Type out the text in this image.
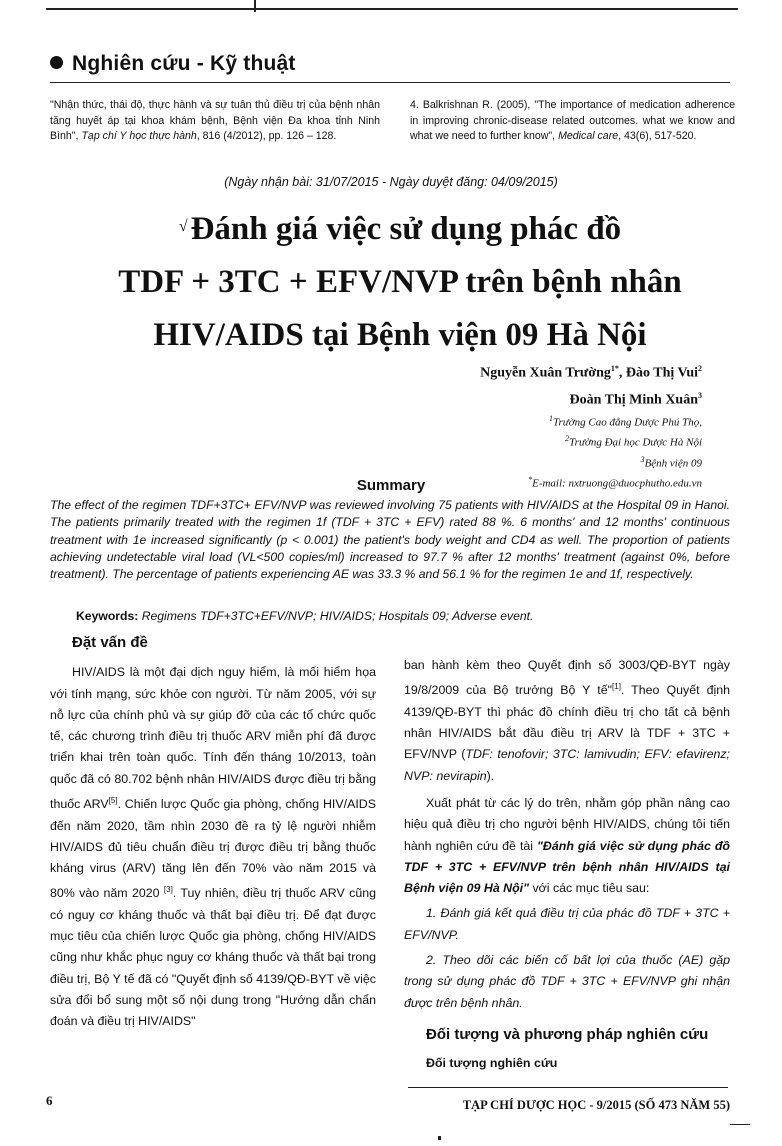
Nghiên cứu - Kỹ thuật
"Nhận thức, thái độ, thực hành và sự tuân thủ điều trị của bệnh nhân tăng huyết áp tại khoa khám bệnh, Bệnh viện Đa khoa tỉnh Ninh Bình", Tạp chí Y học thực hành, 816 (4/2012), pp. 126 – 128.
4. Balkrishnan R. (2005), "The importance of medication adherence in improving chronic-disease related outcomes. what we know and what we need to further know", Medical care, 43(6), 517-520.
(Ngày nhận bài: 31/07/2015 - Ngày duyệt đăng: 04/09/2015)
√Đánh giá việc sử dụng phác đồ
TDF + 3TC + EFV/NVP trên bệnh nhân
HIV/AIDS tại Bệnh viện 09 Hà Nội
Nguyễn Xuân Trường$^{1*}$, Đào Thị Vui$^2$
Đoàn Thị Minh Xuân$^3$
$^1$Trường Cao đẳng Dược Phú Thọ,
$^2$Trường Đại học Dược Hà Nội
$^3$Bệnh viện 09
*E-mail: nxtruong@duocphutho.edu.vn
Summary
The effect of the regimen TDF+3TC+ EFV/NVP was reviewed involving 75 patients with HIV/AIDS at the Hospital 09 in Hanoi. The patients primarily treated with the regimen 1f (TDF + 3TC + EFV) rated 88 %. 6 months' and 12 months' continuous treatment with 1e increased significantly (p < 0.001) the patient's body weight and CD4 as well. The proportion of patients achieving undetectable viral load (VL<500 copies/ml) increased to 97.7 % after 12 months' treatment (against 0%, before treatment). The percentage of patients experiencing AE was 33.3 % and 56.1 % for the regimen 1e and 1f, respectively.
Keywords: Regimens TDF+3TC+EFV/NVP; HIV/AIDS; Hospitals 09; Adverse event.
Đặt vấn đề

HIV/AIDS là một đại dịch nguy hiểm, là mối hiểm họa với tính mạng, sức khỏe con người. Từ năm 2005, với sự nỗ lực của chính phủ và sự giúp đỡ của các tổ chức quốc tế, các chương trình điều trị thuốc ARV miễn phí đã được triển khai trên toàn quốc. Tính đến tháng 10/2013, toàn quốc đã có 80.702 bệnh nhân HIV/AIDS được điều trị bằng thuốc ARV[5]. Chiến lược Quốc gia phòng, chống HIV/AIDS đến năm 2020, tầm nhìn 2030 đề ra tỷ lệ người nhiễm HIV/AIDS đủ tiêu chuẩn điều trị được điều trị bằng thuốc kháng virus (ARV) tăng lên đến 70% vào năm 2015 và 80% vào năm 2020 [3]. Tuy nhiên, điều trị thuốc ARV cũng có nguy cơ kháng thuốc và thất bại điều trị. Để đạt được mục tiêu của chiến lược Quốc gia phòng, chống HIV/AIDS cũng như khắc phục nguy cơ kháng thuốc và thất bại trong điều trị, Bộ Y tế đã có "Quyết định số 4139/QĐ-BYT về việc sửa đổi bổ sung một số nội dung trong "Hướng dẫn chẩn đoán và điều trị HIV/AIDS"

ban hành kèm theo Quyết định số 3003/QĐ-BYT ngày 19/8/2009 của Bộ trưởng Bộ Y tế"[1]. Theo Quyết định 4139/QĐ-BYT thì phác đồ chính điều trị cho tất cả bệnh nhân HIV/AIDS bắt đầu điều trị ARV là TDF + 3TC + EFV/NVP (TDF: tenofovir; 3TC: lamivudin; EFV: efavirenz; NVP: nevirapin).

Xuất phát từ các lý do trên, nhằm góp phần nâng cao hiệu quả điều trị cho người bệnh HIV/AIDS, chúng tôi tiến hành nghiên cứu đề tài "Đánh giá việc sử dụng phác đồ TDF + 3TC + EFV/NVP trên bệnh nhân HIV/AIDS tại Bệnh viện 09 Hà Nội" với các mục tiêu sau:

1. Đánh giá kết quả điều trị của phác đồ TDF + 3TC + EFV/NVP.

2. Theo dõi các biến cố bất lợi của thuốc (AE) gặp trong sử dụng phác đồ TDF + 3TC + EFV/NVP ghi nhận được trên bệnh nhân.

Đối tượng và phương pháp nghiên cứu
Đối tượng nghiên cứu
6	TẠP CHÍ DƯỢC HỌC - 9/2015 (SỐ 473 NĂM 55)
